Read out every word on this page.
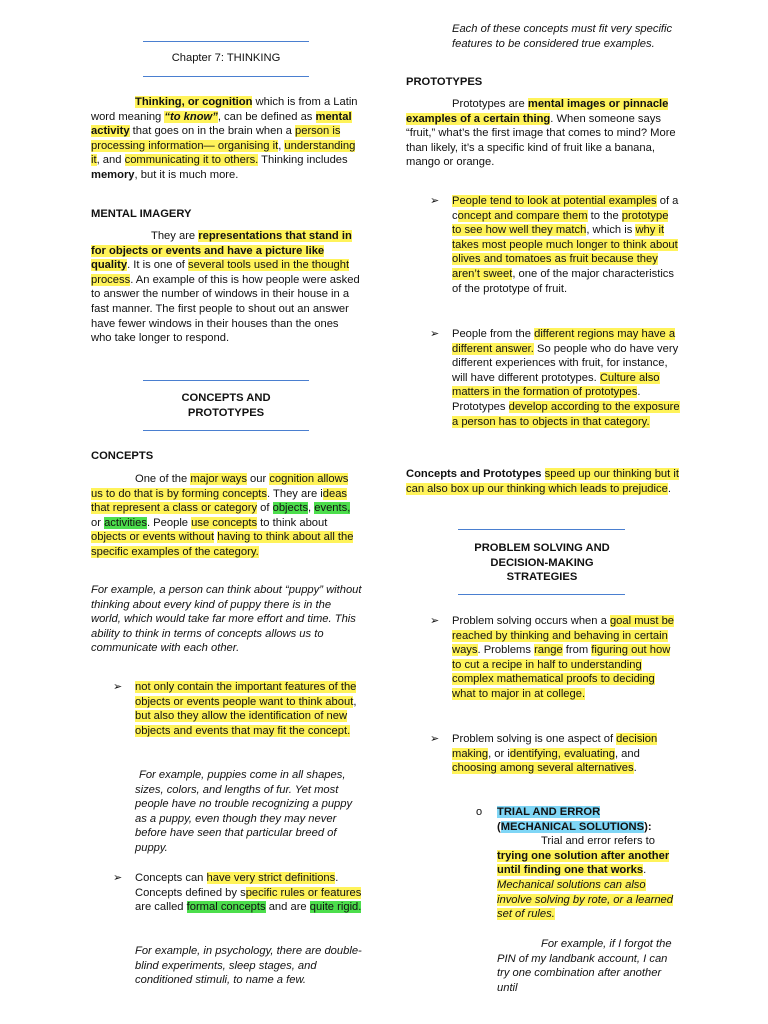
Chapter 7: THINKING

Thinking, or cognition which is from a Latin word meaning “to know”, can be defined as mental activity that goes on in the brain when a person is processing information— organising it, understanding it, and communicating it to others. Thinking includes memory, but it is much more.

MENTAL IMAGERY

They are representations that stand in for objects or events and have a picture like quality. It is one of several tools used in the thought process. An example of this is how people were asked to answer the number of windows in their house in a fast manner. The first people to shout out an answer have fewer windows in their houses than the ones who take longer to respond.

CONCEPTS AND PROTOTYPES
CONCEPTS

One of the major ways our cognition allows us to do that is by forming concepts. They are ideas that represent a class or category of objects, events, or activities. People use concepts to think about objects or events without having to think about all the specific examples of the category.

For example, a person can think about “puppy” without thinking about every kind of puppy there is in the world, which would take far more effort and time. This ability to think in terms of concepts allows us to communicate with each other.

➢ not only contain the important features of the objects or events people want to think about, but also they allow the identification of new objects and events that may fit the concept.

For example, puppies come in all shapes, sizes, colors, and lengths of fur. Yet most people have no trouble recognizing a puppy as a puppy, even though they may never before have seen that particular breed of puppy.

➢ Concepts can have very strict definitions. Concepts defined by specific rules or features are called formal concepts and are quite rigid.

For example, in psychology, there are double-blind experiments, sleep stages, and conditioned stimuli, to name a few.

Each of these concepts must fit very specific features to be considered true examples.

PROTOTYPES

Prototypes are mental images or pinnacle examples of a certain thing. When someone says “fruit,” what’s the first image that comes to mind? More than likely, it’s a specific kind of fruit like a banana, mango or orange.

➢ People tend to look at potential examples of a concept and compare them to the prototype to see how well they match, which is why it takes most people much longer to think about olives and tomatoes as fruit because they aren’t sweet, one of the major characteristics of the prototype of fruit.

➢ People from the different regions may have a different answer. So people who do have very different experiences with fruit, for instance, will have different prototypes. Culture also matters in the formation of prototypes. Prototypes develop according to the exposure a person has to objects in that category.

Concepts and Prototypes speed up our thinking but it can also box up our thinking which leads to prejudice.

PROBLEM SOLVING AND DECISION-MAKING STRATEGIES
➢ Problem solving occurs when a goal must be reached by thinking and behaving in certain ways. Problems range from figuring out how to cut a recipe in half to understanding complex mathematical proofs to deciding what to major in at college.

➢ Problem solving is one aspect of decision making, or identifying, evaluating, and choosing among several alternatives.

o TRIAL AND ERROR
(MECHANICAL SOLUTIONS):
Trial and error refers to trying one solution after another until finding one that works. Mechanical solutions can also involve solving by rote, or a learned set of rules.

For example, if I forgot the PIN of my landbank account, I can try one combination after another until
